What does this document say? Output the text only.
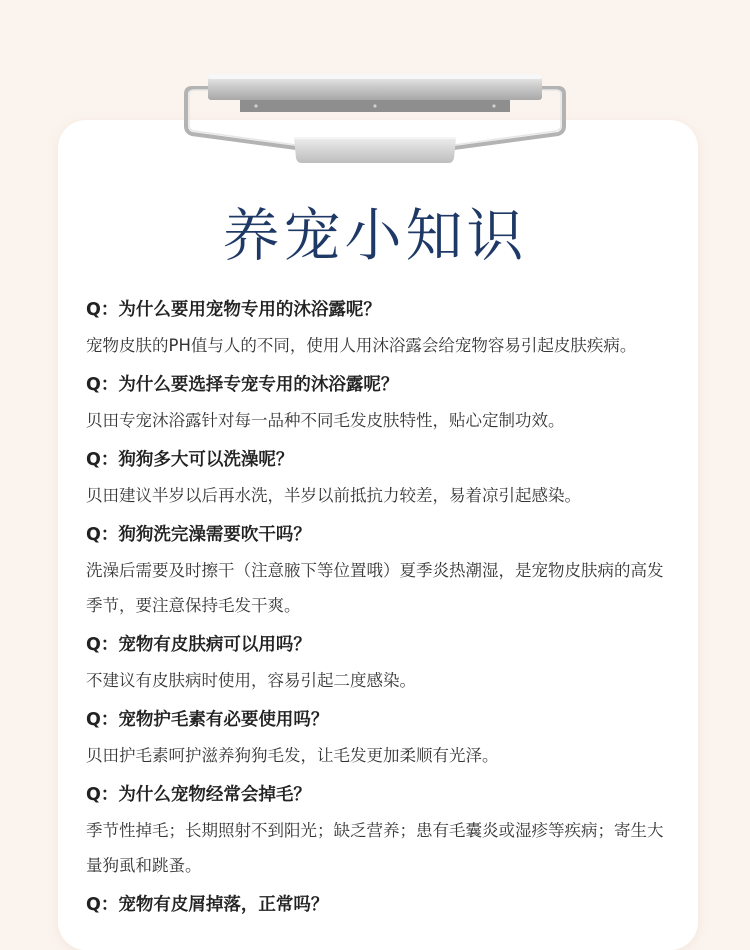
养宠小知识

Q：为什么要用宠物专用的沐浴露呢？

宠物皮肤的PH值与人的不同，使用人用沐浴露会给宠物容易引起皮肤疾病。

Q：为什么要选择专宠专用的沐浴露呢？

贝田专宠沐浴露针对每一品种不同毛发皮肤特性，贴心定制功效。

Q：狗狗多大可以洗澡呢？

贝田建议半岁以后再水洗，半岁以前抵抗力较差，易着凉引起感染。

Q：狗狗洗完澡需要吹干吗？

洗澡后需要及时擦干（注意腋下等位置哦）夏季炎热潮湿，是宠物皮肤病的高发季节，要注意保持毛发干爽。

Q：宠物有皮肤病可以用吗？

不建议有皮肤病时使用，容易引起二度感染。

Q：宠物护毛素有必要使用吗？

贝田护毛素呵护滋养狗狗毛发，让毛发更加柔顺有光泽。

Q：为什么宠物经常会掉毛？

季节性掉毛；长期照射不到阳光；缺乏营养；患有毛囊炎或湿疹等疾病；寄生大量狗虱和跳蚤。

Q：宠物有皮屑掉落，正常吗？
